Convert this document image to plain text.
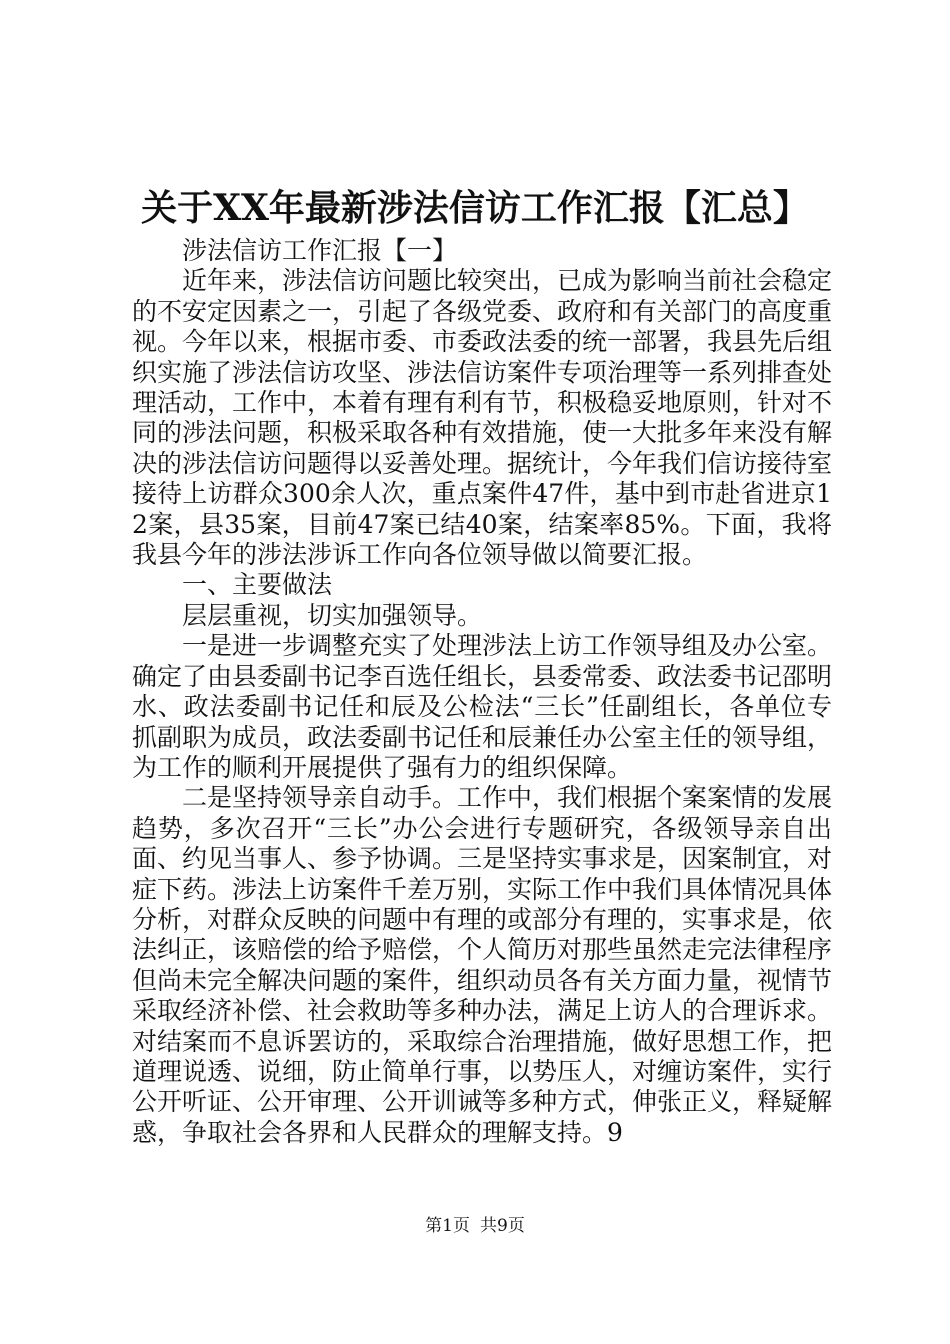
关于XX年最新涉法信访工作汇报【汇总】

涉法信访工作汇报【一】

近年来，涉法信访问题比较突出，已成为影响当前社会稳定的不安定因素之一，引起了各级党委、政府和有关部门的高度重视。今年以来，根据市委、市委政法委的统一部署，我县先后组织实施了涉法信访攻坚、涉法信访案件专项治理等一系列排查处理活动，工作中，本着有理有利有节，积极稳妥地原则，针对不同的涉法问题，积极采取各种有效措施，使一大批多年来没有解决的涉法信访问题得以妥善处理。据统计，今年我们信访接待室接待上访群众300余人次，重点案件47件，基中到市赴省进京12案，县35案，目前47案已结40案，结案率85%。下面，我将我县今年的涉法涉诉工作向各位领导做以简要汇报。

一、主要做法

层层重视，切实加强领导。

一是进一步调整充实了处理涉法上访工作领导组及办公室。确定了由县委副书记李百选任组长，县委常委、政法委书记邵明水、政法委副书记任和辰及公检法“三长”任副组长，各单位专抓副职为成员，政法委副书记任和辰兼任办公室主任的领导组，为工作的顺利开展提供了强有力的组织保障。

二是坚持领导亲自动手。工作中，我们根据个案案情的发展趋势，多次召开“三长”办公会进行专题研究，各级领导亲自出面、约见当事人、参予协调。三是坚持实事求是，因案制宜，对症下药。涉法上访案件千差万别，实际工作中我们具体情况具体分析，对群众反映的问题中有理的或部分有理的，实事求是，依法纠正，该赔偿的给予赔偿，个人简历对那些虽然走完法律程序但尚未完全解决问题的案件，组织动员各有关方面力量，视情节采取经济补偿、社会救助等多种办法，满足上访人的合理诉求。对结案而不息诉罢访的，采取综合治理措施，做好思想工作，把道理说透、说细，防止简单行事，以势压人，对缠访案件，实行公开听证、公开审理、公开训诫等多种方式，伸张正义，释疑解惑，争取社会各界和人民群众的理解支持。9

第1页 共9页
